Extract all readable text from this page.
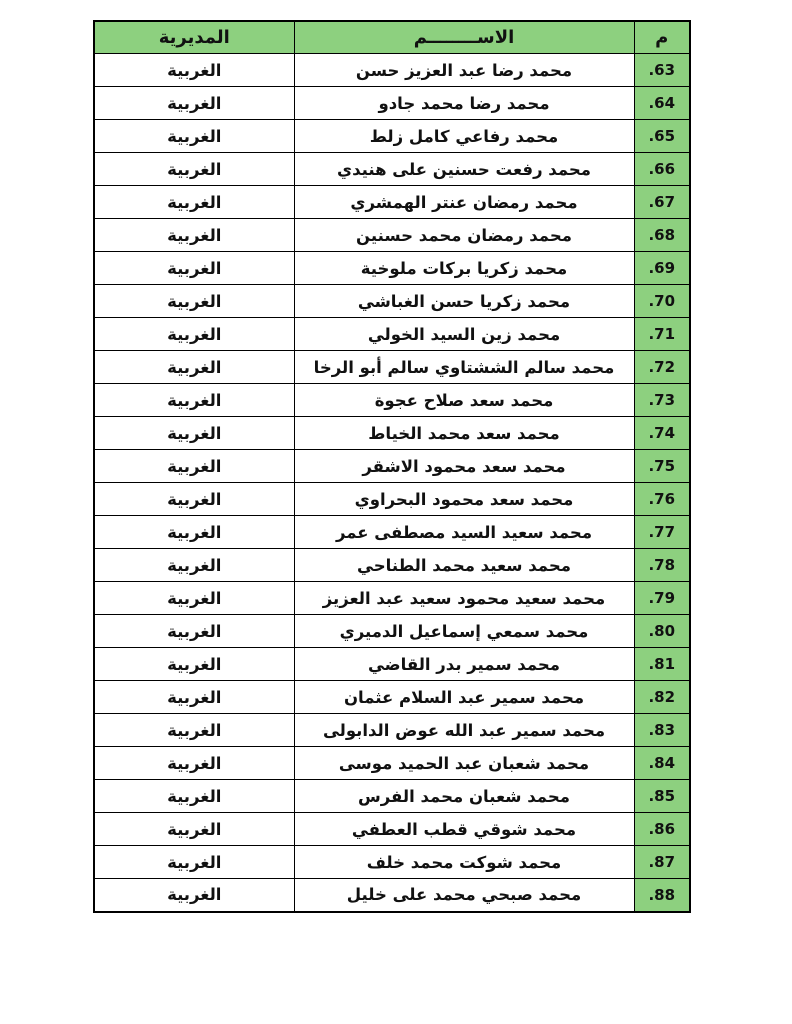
م	الاســــــــم	المديرية
.63	محمد رضا عبد العزيز حسن	الغربية
.64	محمد رضا محمد جادو	الغربية
.65	محمد رفاعي كامل زلط	الغربية
.66	محمد رفعت حسنين على هنيدي	الغربية
.67	محمد رمضان عنتر الهمشري	الغربية
.68	محمد رمضان محمد حسنين	الغربية
.69	محمد زكريا بركات ملوخية	الغربية
.70	محمد زكريا حسن الغباشي	الغربية
.71	محمد زين السيد الخولي	الغربية
.72	محمد سالم الششتاوي سالم أبو الرخا	الغربية
.73	محمد سعد صلاح عجوة	الغربية
.74	محمد سعد محمد الخياط	الغربية
.75	محمد سعد محمود الاشقر	الغربية
.76	محمد سعد محمود البحراوي	الغربية
.77	محمد سعيد السيد مصطفى عمر	الغربية
.78	محمد سعيد محمد الطناحي	الغربية
.79	محمد سعيد محمود سعيد عبد العزيز	الغربية
.80	محمد سمعي إسماعيل الدميري	الغربية
.81	محمد سمير بدر القاضي	الغربية
.82	محمد سمير عبد السلام عثمان	الغربية
.83	محمد سمير عبد الله عوض الدابولى	الغربية
.84	محمد شعبان عبد الحميد موسى	الغربية
.85	محمد شعبان محمد الفرس	الغربية
.86	محمد شوقي قطب العطفي	الغربية
.87	محمد شوكت محمد خلف	الغربية
.88	محمد صبحي محمد على خليل	الغربية
